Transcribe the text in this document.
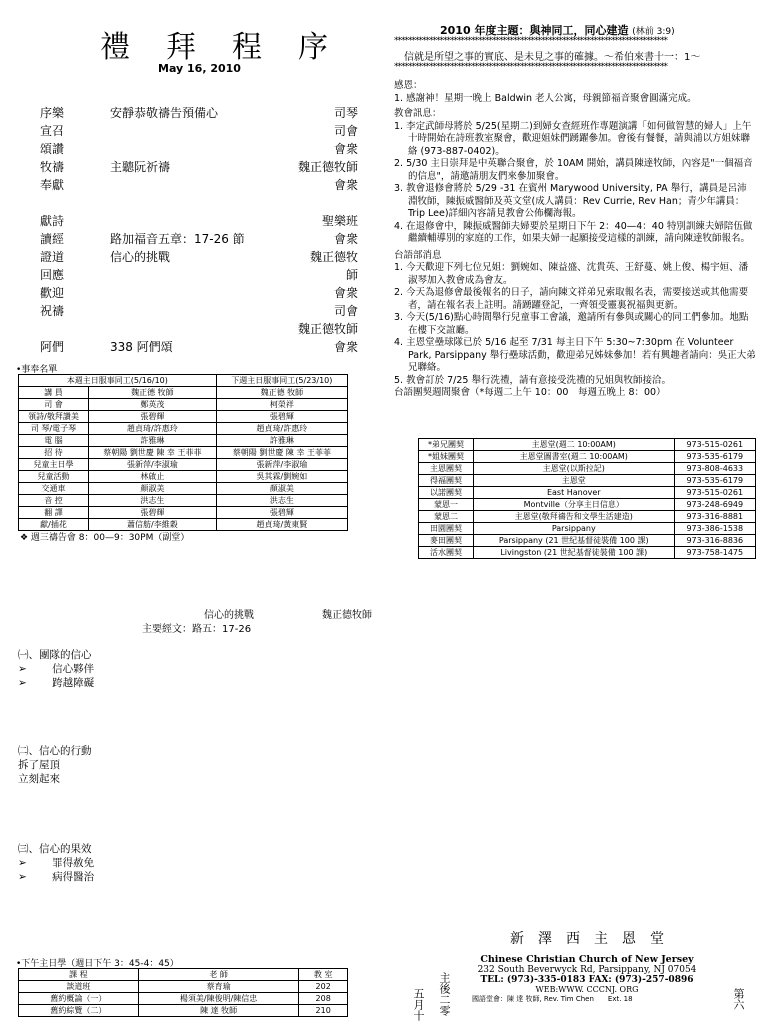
禮拜程序
May 16, 2010
序樂	安靜恭敬禱告預備心	司琴
宣召	司會
頌讚	會衆
牧禱	主聽阮祈禱	魏正德牧師
奉獻	會衆
獻詩	聖樂班
讀經	路加福音五章：17-26 節	會衆
證道	信心的挑戰	魏正德牧
回應	師
歡迎	會衆
祝禱	司會
魏正德牧師
阿們	338 阿們頌	會衆
•事奉名單
本週主日服事同工(5/16/10)		下週主日服事同工(5/23/10)
講 員	魏正德 牧師	魏正德 牧師
司 會	鄭英茂	柯榮祥
領詩/敬拜讚美	張碧輝	張碧輝
司 琴/電子琴	趙貞琦/許惠玲	趙貞琦/許惠玲
電 腦	許雅琳	許雅琳
招 待	蔡朝陽 劉世慶 陳 幸 王菲菲	蔡朝陽 劉世慶 陳 幸 王菲菲
兒童主日學	張新萍/李淑瑜	張新萍/李淑瑜
兒童活動	林啟止	吳其霖/劉婉如
交通車	顏淑美	顏淑美
音 控	洪志生	洪志生
翻 譯	張碧輝	張碧輝
獻/插花	蕭信舫/李維穀	趙貞琦/黃東賢
❖ 週三禱告會 8：00—9：30PM（副堂）
信心的挑戰	魏正德牧師
主要經文：路五：17-26
㈠、團隊的信心
➢ 信心夥伴
➢ 跨越障礙
㈡、信心的行動
拆了屋頂
立刻起來
㈢、信心的果效
➢ 罪得赦免
➢ 病得醫治
•下午主日學（週日下午 3：45-4：45）
課 程	老 師	教 室
談道班	蔡育瑜	202
舊約概論（一）	楊須美/陳俊明/陳信忠	208
舊約綜覽（二）	陳 達 牧師	210
2010 年度主題：與神同工，同心建造 (林前 3:9)
******************************************************************************
信就是所望之事的實底、是未見之事的確據。～希伯來書十一：1～
******************************************************************************

感恩：

1. 感謝神！星期一晚上 Baldwin 老人公寓，母親節福音聚會圓滿完成。

教會訊息：

1. 李定武師母將於 5/25(星期二)到婦女查經班作專題演講「如何做智慧的婦人」上午十時開始在詩班教室聚會，歡迎姐妹們踴躍參加。會後有餐餐，請與浦以方姐妹聯絡 (973-887-0402)。

2. 5/30 主日崇拜是中英聯合聚會，於 10AM 開始，講員陳達牧師，內容是"一個福音的信息"，請邀請朋友們來參加聚會。

3. 教會退修會將於 5/29 -31 在賓州 Marywood University, PA 舉行，講員是呂沛淵牧師，陳振威醫師及英文堂(成人講員：Rev Currie, Rev Han；青少年講員：Trip Lee)詳細內容請見教會公佈欄海報。

4. 在退修會中，陳振威醫師夫婦要於星期日下午 2：40—4：40 特別訓練夫婦陪伍做繼續輔導別的家庭的工作，如果夫婦一起願接受這樣的訓練，請向陳達牧師報名。

台語部消息

1. 今天歡迎下列七位兄姐：劉婉如、陳益盛、沈貴英、王舒蔓、姚上俊、楊宇姮、潘淑琴加入教會成為會友。

2. 今天為退修會最後報名的日子，請向陳文祥弟兄索取報名表，需要接送或其他需要者，請在報名表上註明。請踴躍登記，一齊領受靈裏祝福與更新。

3. 今天(5/16)點心時間舉行兒童事工會議，邀請所有參與或關心的同工們參加。地點在樓下交誼廳。

4. 主恩堂壘球隊已於 5/16 起至 7/31 每主日下午 5:30~7:30pm 在 Volunteer Park, Parsippany 舉行壘球活動，歡迎弟兄姊妹參加！若有興趣者請向：吳正大弟兄聯絡。

5. 教會訂於 7/25 舉行洗禮，請有意接受洗禮的兄姐與牧師接洽。

台語團契週間聚會（*每週二上午 10：00　每週五晚上 8：00）

*弟兄團契	主恩堂(週二 10:00AM)	973-515-0261
*姐妹團契	主恩堂圖書室(週二 10:00AM)	973-535-6179
主恩團契	主恩堂(以斯拉記)	973-808-4633
得福團契	主恩堂	973-535-6179
以諾團契	East Hanover	973-515-0261
蒙恩一	Montville（分享主日信息）	973-248-6949
蒙恩二	主恩堂(敬拜禱告和文學生活建造)	973-316-8881
田園團契	Parsippany	973-386-1538
麥田團契	Parsippany (21 世紀基督徒裝備 100 課)	973-316-8836
活水團契	Livingston (21 世紀基督徒裝備 100 課)	973-758-1475
新　澤　西　主　恩　堂
Chinese Christian Church of New Jersey
232 South Beverwyck Rd, Parsippany, NJ 07054
TEL: (973)-335-0183 FAX: (973)-257-0896
WEB:WWW. CCCNJ. ORG
國語堂會：陳 達 牧師, Rev. Tim Chen　　Ext. 18
五月十 主後二零	第六
